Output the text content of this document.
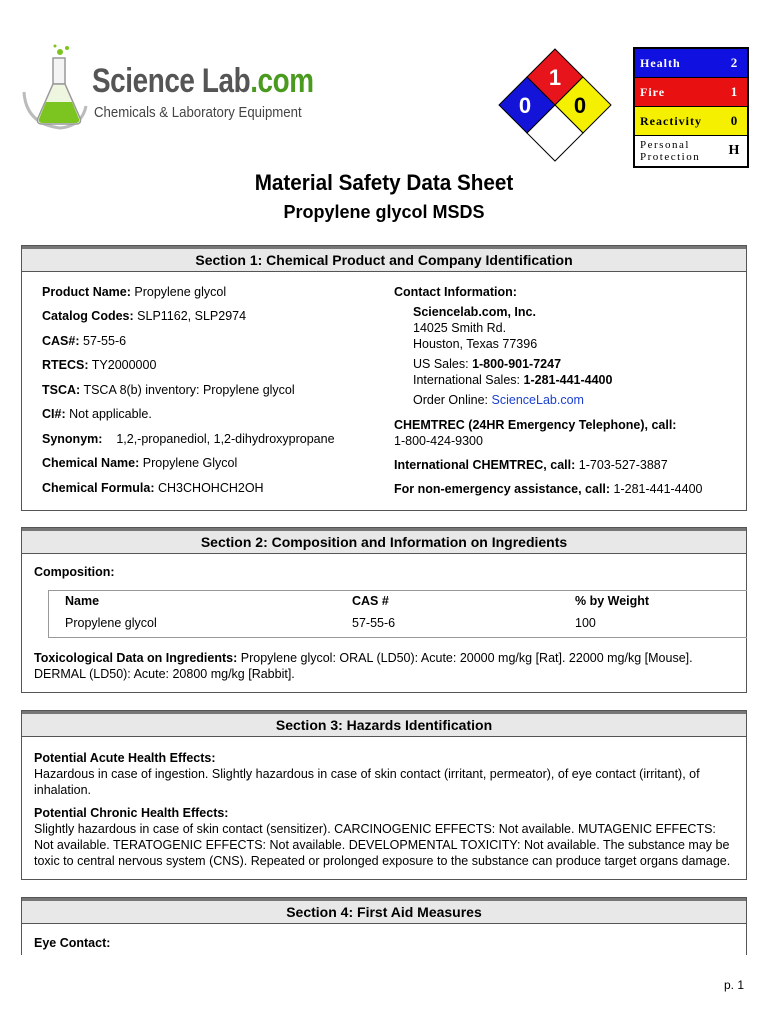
Science Lab.com
Chemicals & Laboratory Equipment
1
0 0
Health	2
Fire	1
Reactivity	0
Personal
Protection	H
Material Safety Data Sheet
Propylene glycol MSDS
Section 1: Chemical Product and Company Identification
Product Name: Propylene glycol
Catalog Codes: SLP1162, SLP2974
CAS#: 57-55-6
RTECS: TY2000000
TSCA: TSCA 8(b) inventory: Propylene glycol
CI#: Not applicable.
Synonym:    1,2,-propanediol, 1,2-dihydroxypropane
Chemical Name: Propylene Glycol
Chemical Formula: CH3CHOHCH2OH
Contact Information:
Sciencelab.com, Inc.
14025 Smith Rd.
Houston, Texas 77396
US Sales: 1-800-901-7247
International Sales: 1-281-441-4400
Order Online: ScienceLab.com
CHEMTREC (24HR Emergency Telephone), call:
1-800-424-9300
International CHEMTREC, call: 1-703-527-3887
For non-emergency assistance, call: 1-281-441-4400
Section 2: Composition and Information on Ingredients
Composition:
Name	CAS #	% by Weight
Propylene glycol	57-55-6	100
Toxicological Data on Ingredients: Propylene glycol: ORAL (LD50): Acute: 20000 mg/kg [Rat]. 22000 mg/kg [Mouse]. DERMAL (LD50): Acute: 20800 mg/kg [Rabbit].
Section 3: Hazards Identification
Potential Acute Health Effects:
Hazardous in case of ingestion. Slightly hazardous in case of skin contact (irritant, permeator), of eye contact (irritant), of inhalation.
Potential Chronic Health Effects:
Slightly hazardous in case of skin contact (sensitizer). CARCINOGENIC EFFECTS: Not available. MUTAGENIC EFFECTS: Not available. TERATOGENIC EFFECTS: Not available. DEVELOPMENTAL TOXICITY: Not available. The substance may be toxic to central nervous system (CNS). Repeated or prolonged exposure to the substance can produce target organs damage.
Section 4: First Aid Measures
Eye Contact:
p. 1
